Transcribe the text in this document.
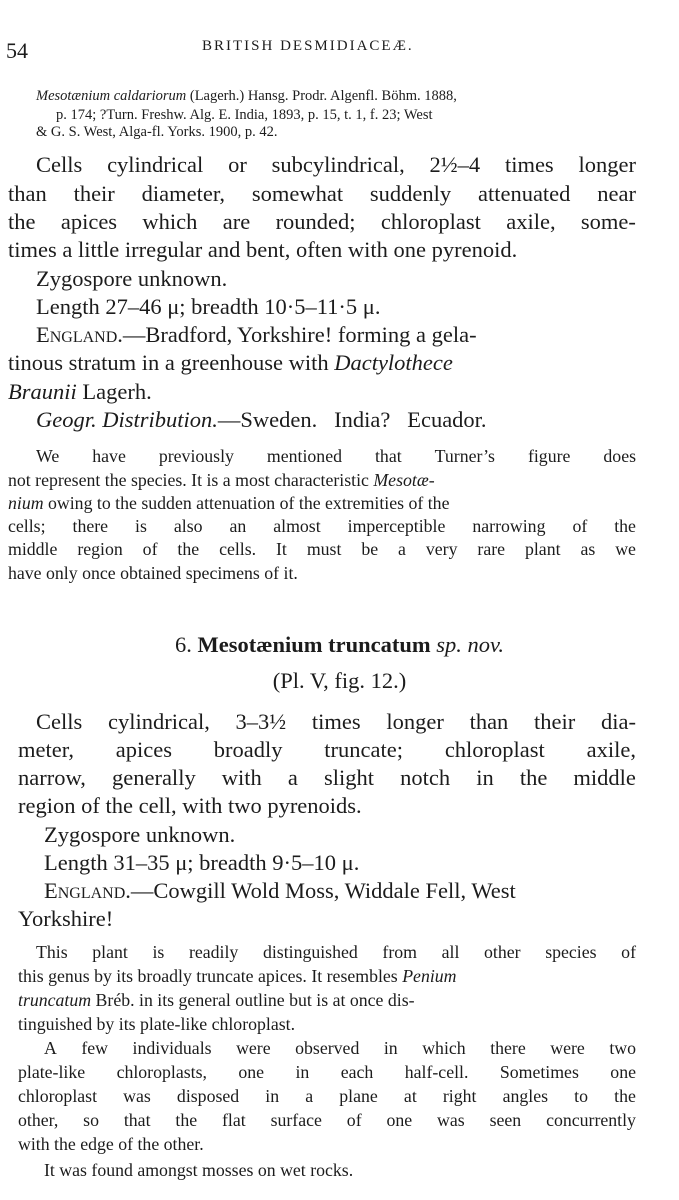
54	BRITISH DESMIDIACEÆ.
Mesotænium caldariorum (Lagerh.) Hansg. Prodr. Algenfl. Böhm. 1888,
p. 174; ?Turn. Freshw. Alg. E. India, 1893, p. 15, t. 1, f. 23; West
& G. S. West, Alga-fl. Yorks. 1900, p. 42.
Cells cylindrical or subcylindrical, 2½–4 times longer
than their diameter, somewhat suddenly attenuated near
the apices which are rounded; chloroplast axile, some-
times a little irregular and bent, often with one pyrenoid.
Zygospore unknown.
Length 27–46 μ; breadth 10·5–11·5 μ.
England.—Bradford, Yorkshire! forming a gela-
tinous stratum in a greenhouse with Dactylothece
Braunii Lagerh.
Geogr. Distribution.—Sweden.   India?   Ecuador.
We have previously mentioned that Turner’s figure does
not represent the species. It is a most characteristic Mesotæ-
nium owing to the sudden attenuation of the extremities of the
cells; there is also an almost imperceptible narrowing of the
middle region of the cells. It must be a very rare plant as we
have only once obtained specimens of it.
6. Mesotænium truncatum sp. nov.
(Pl. V, fig. 12.)
Cells cylindrical, 3–3½ times longer than their dia-
meter, apices broadly truncate; chloroplast axile,
narrow, generally with a slight notch in the middle
region of the cell, with two pyrenoids.
Zygospore unknown.
Length 31–35 μ; breadth 9·5–10 μ.
England.—Cowgill Wold Moss, Widdale Fell, West
Yorkshire!
This plant is readily distinguished from all other species of
this genus by its broadly truncate apices. It resembles Penium
truncatum Bréb. in its general outline but is at once dis-
tinguished by its plate-like chloroplast.
A few individuals were observed in which there were two
plate-like chloroplasts, one in each half-cell. Sometimes one
chloroplast was disposed in a plane at right angles to the
other, so that the flat surface of one was seen concurrently
with the edge of the other.
It was found amongst mosses on wet rocks.
